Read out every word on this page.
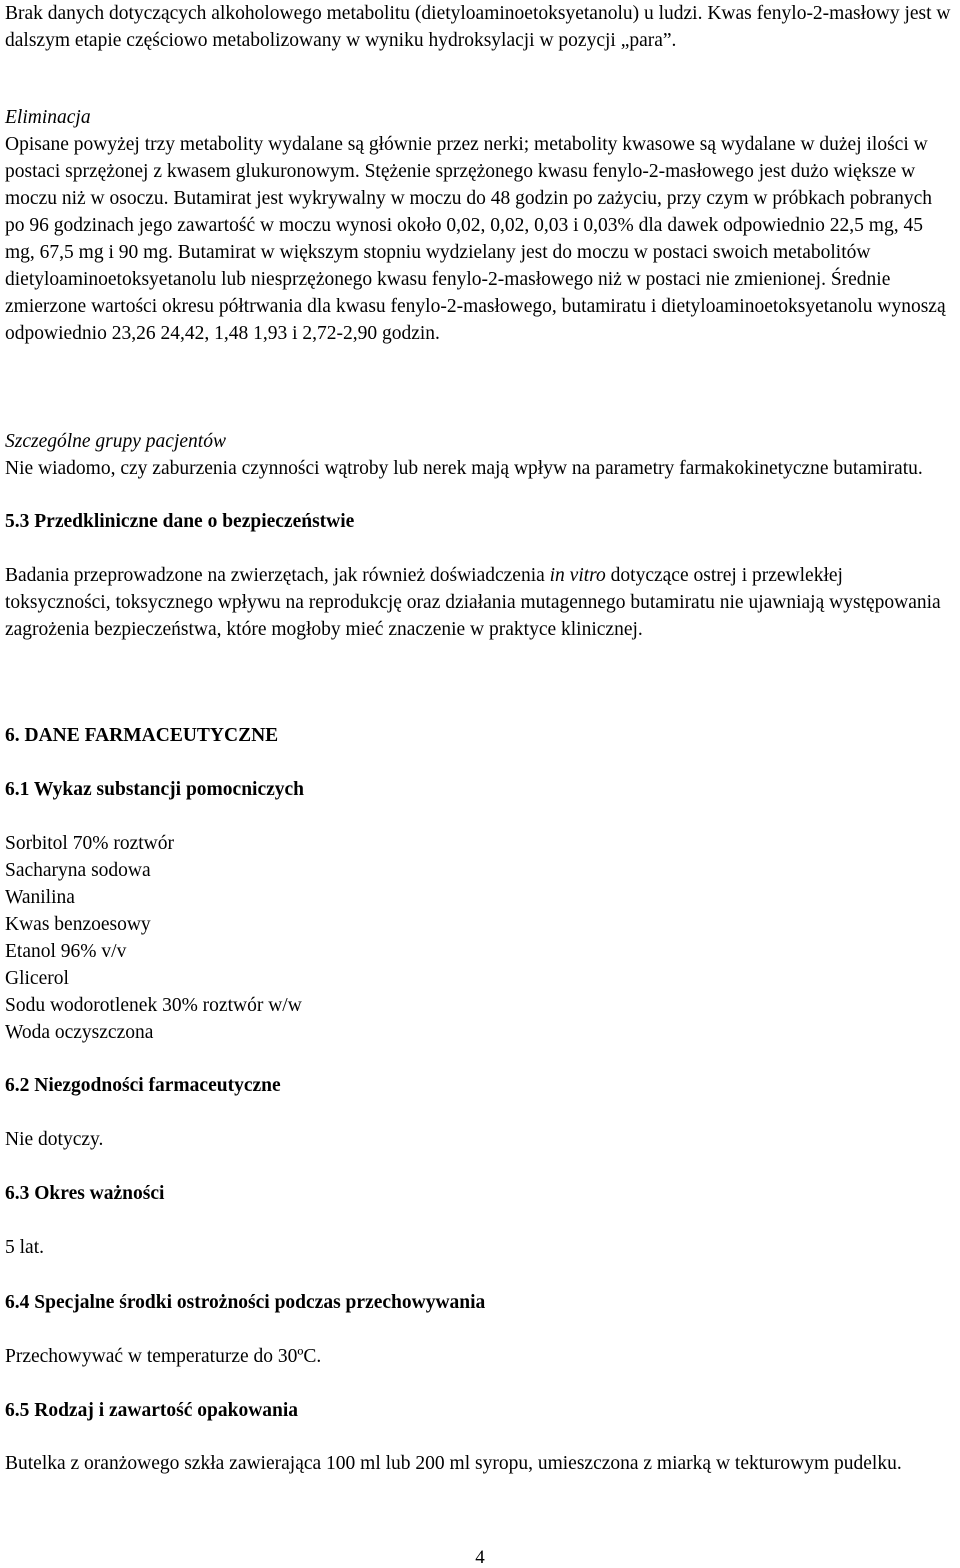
Brak danych dotyczących alkoholowego metabolitu (dietyloaminoetoksyetanolu) u ludzi. Kwas fenylo-2-masłowy jest w dalszym etapie częściowo metabolizowany w wyniku hydroksylacji w pozycji „para”.

Eliminacja

Opisane powyżej trzy metabolity wydalane są głównie przez nerki; metabolity kwasowe są wydalane w dużej ilości w postaci sprzężonej z kwasem glukuronowym. Stężenie sprzężonego kwasu fenylo-2-masłowego jest dużo większe w moczu niż w osoczu. Butamirat jest wykrywalny w moczu do 48 godzin po zażyciu, przy czym w próbkach pobranych po 96 godzinach jego zawartość w moczu wynosi około 0,02, 0,02, 0,03 i 0,03% dla dawek odpowiednio 22,5 mg, 45 mg, 67,5 mg i 90 mg. Butamirat w większym stopniu wydzielany jest do moczu w postaci swoich metabolitów dietyloaminoetoksyetanolu lub niesprzężonego kwasu fenylo-2-masłowego niż w postaci nie zmienionej. Średnie zmierzone wartości okresu półtrwania dla kwasu fenylo-2-masłowego, butamiratu i dietyloaminoetoksyetanolu wynoszą odpowiednio 23,26 24,42, 1,48 1,93 i 2,72-2,90 godzin.

Szczególne grupy pacjentów

Nie wiadomo, czy zaburzenia czynności wątroby lub nerek mają wpływ na parametry farmakokinetyczne butamiratu.

5.3 Przedkliniczne dane o bezpieczeństwie

Badania przeprowadzone na zwierzętach, jak również doświadczenia in vitro dotyczące ostrej i przewlekłej toksyczności, toksycznego wpływu na reprodukcję oraz działania mutagennego butamiratu nie ujawniają występowania zagrożenia bezpieczeństwa, które mogłoby mieć znaczenie w praktyce klinicznej.

6. DANE FARMACEUTYCZNE

6.1 Wykaz substancji pomocniczych

Sorbitol 70% roztwór

Sacharyna sodowa

Wanilina

Kwas benzoesowy

Etanol 96% v/v

Glicerol

Sodu wodorotlenek 30% roztwór w/w

Woda oczyszczona

6.2 Niezgodności farmaceutyczne

Nie dotyczy.

6.3 Okres ważności

5 lat.

6.4 Specjalne środki ostrożności podczas przechowywania

Przechowywać w temperaturze do 30ºC.

6.5 Rodzaj i zawartość opakowania

Butelka z oranżowego szkła zawierająca 100 ml lub 200 ml syropu, umieszczona z miarką w tekturowym pudelku.

4
